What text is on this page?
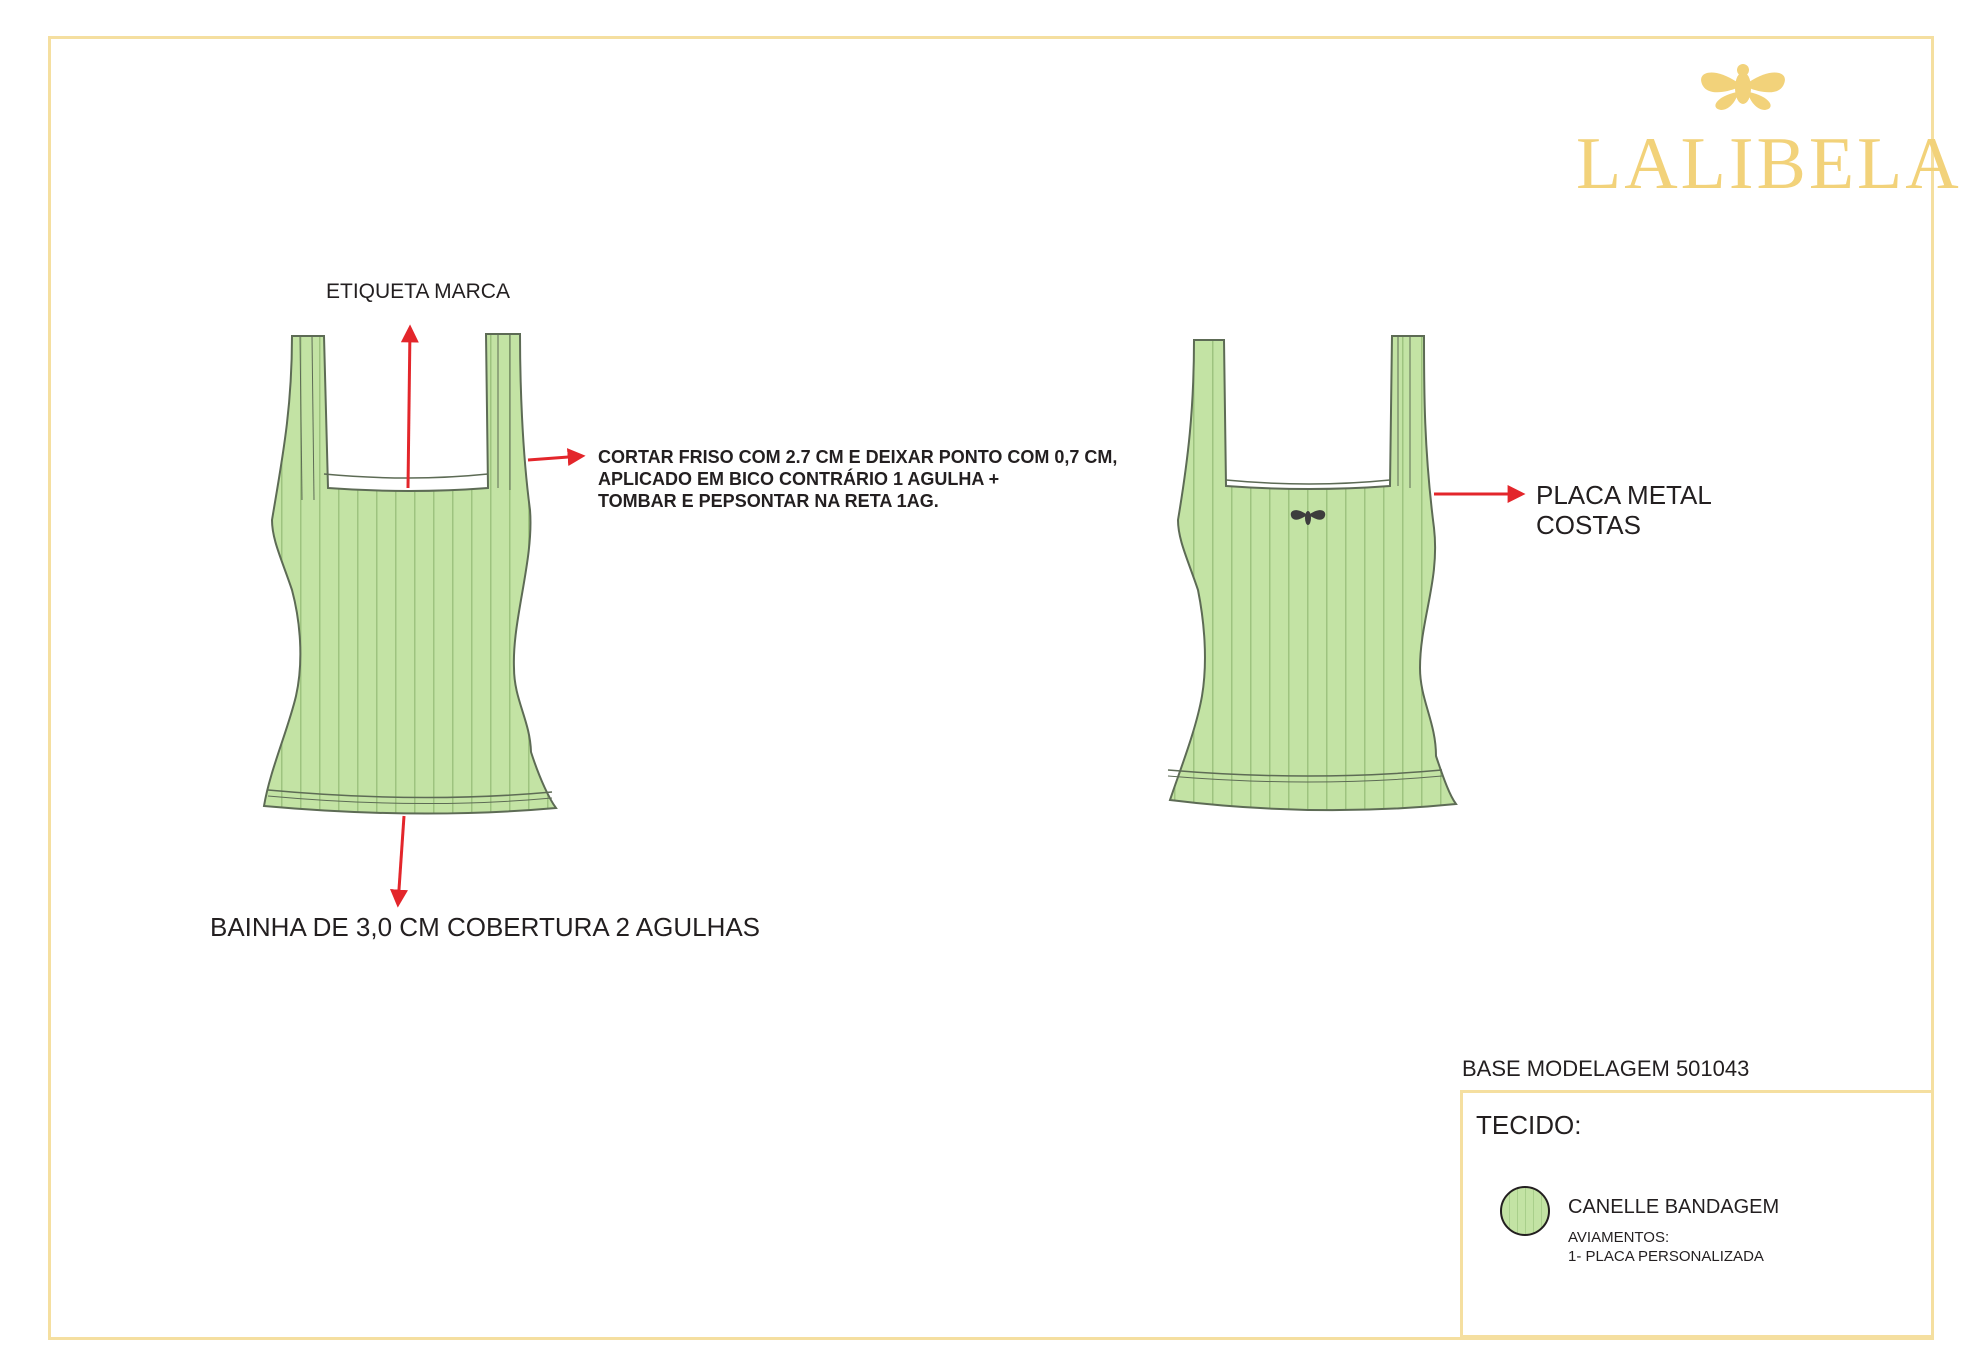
LALIBELA
ETIQUETA MARCA
CORTAR FRISO COM 2.7 CM E DEIXAR PONTO COM 0,7 CM,
APLICADO EM BICO CONTRÁRIO 1 AGULHA +
TOMBAR E PEPSONTAR NA RETA 1AG.
BAINHA DE 3,0 CM COBERTURA 2 AGULHAS
PLACA METAL
COSTAS
BASE MODELAGEM 501043
TECIDO:
CANELLE BANDAGEM
AVIAMENTOS:
1- PLACA PERSONALIZADA
